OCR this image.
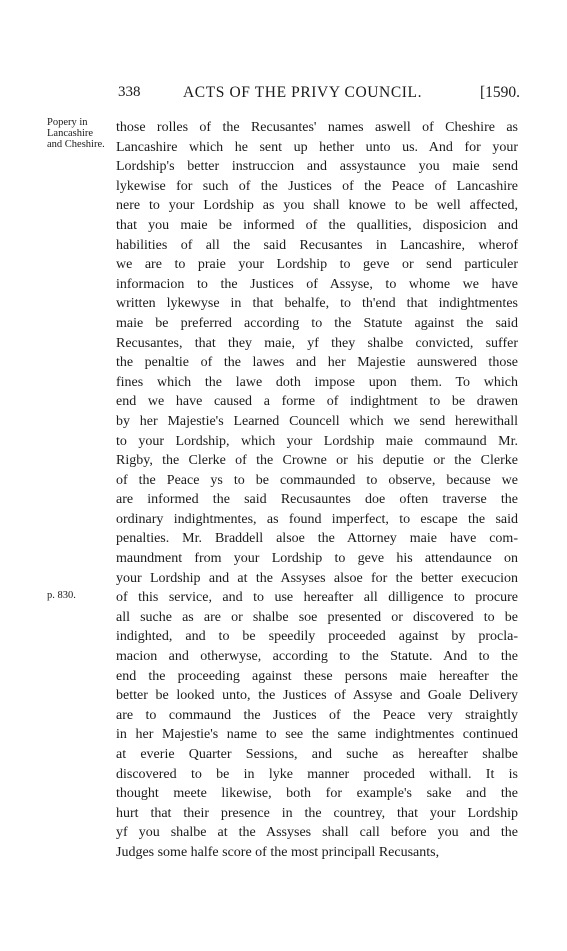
338	ACTS OF THE PRIVY COUNCIL.	[1590.
Popery in
Lancashire
and Cheshire.
p. 830.
those rolles of the Recusantes' names aswell of Cheshire as
Lancashire which he sent up hether unto us. And for your
Lordship's better instruccion and assystaunce you maie send
lykewise for such of the Justices of the Peace of Lancashire
nere to your Lordship as you shall knowe to be well affected,
that you maie be informed of the quallities, disposicion and
habilities of all the said Recusantes in Lancashire, wherof
we are to praie your Lordship to geve or send particuler
informacion to the Justices of Assyse, to whome we have
written lykewyse in that behalfe, to th'end that indightmentes
maie be preferred according to the Statute against the said
Recusantes, that they maie, yf they shalbe convicted, suffer
the penaltie of the lawes and her Majestie aunswered those
fines which the lawe doth impose upon them. To which
end we have caused a forme of indightment to be drawen
by her Majestie's Learned Councell which we send herewithall
to your Lordship, which your Lordship maie commaund Mr.
Rigby, the Clerke of the Crowne or his deputie or the Clerke
of the Peace ys to be commaunded to observe, because we
are informed the said Recusauntes doe often traverse the
ordinary indightmentes, as found imperfect, to escape the said
penalties. Mr. Braddell alsoe the Attorney maie have com-
maundment from your Lordship to geve his attendaunce on
your Lordship and at the Assyses alsoe for the better execucion
of this service, and to use hereafter all dilligence to procure
all suche as are or shalbe soe presented or discovered to be
indighted, and to be speedily proceeded against by procla-
macion and otherwyse, according to the Statute. And to the
end the proceeding against these persons maie hereafter the
better be looked unto, the Justices of Assyse and Goale Delivery
are to commaund the Justices of the Peace very straightly
in her Majestie's name to see the same indightmentes continued
at everie Quarter Sessions, and suche as hereafter shalbe
discovered to be in lyke manner proceded withall. It is
thought meete likewise, both for example's sake and the
hurt that their presence in the countrey, that your Lordship
yf you shalbe at the Assyses shall call before you and the
Judges some halfe score of the most principall Recusants,
